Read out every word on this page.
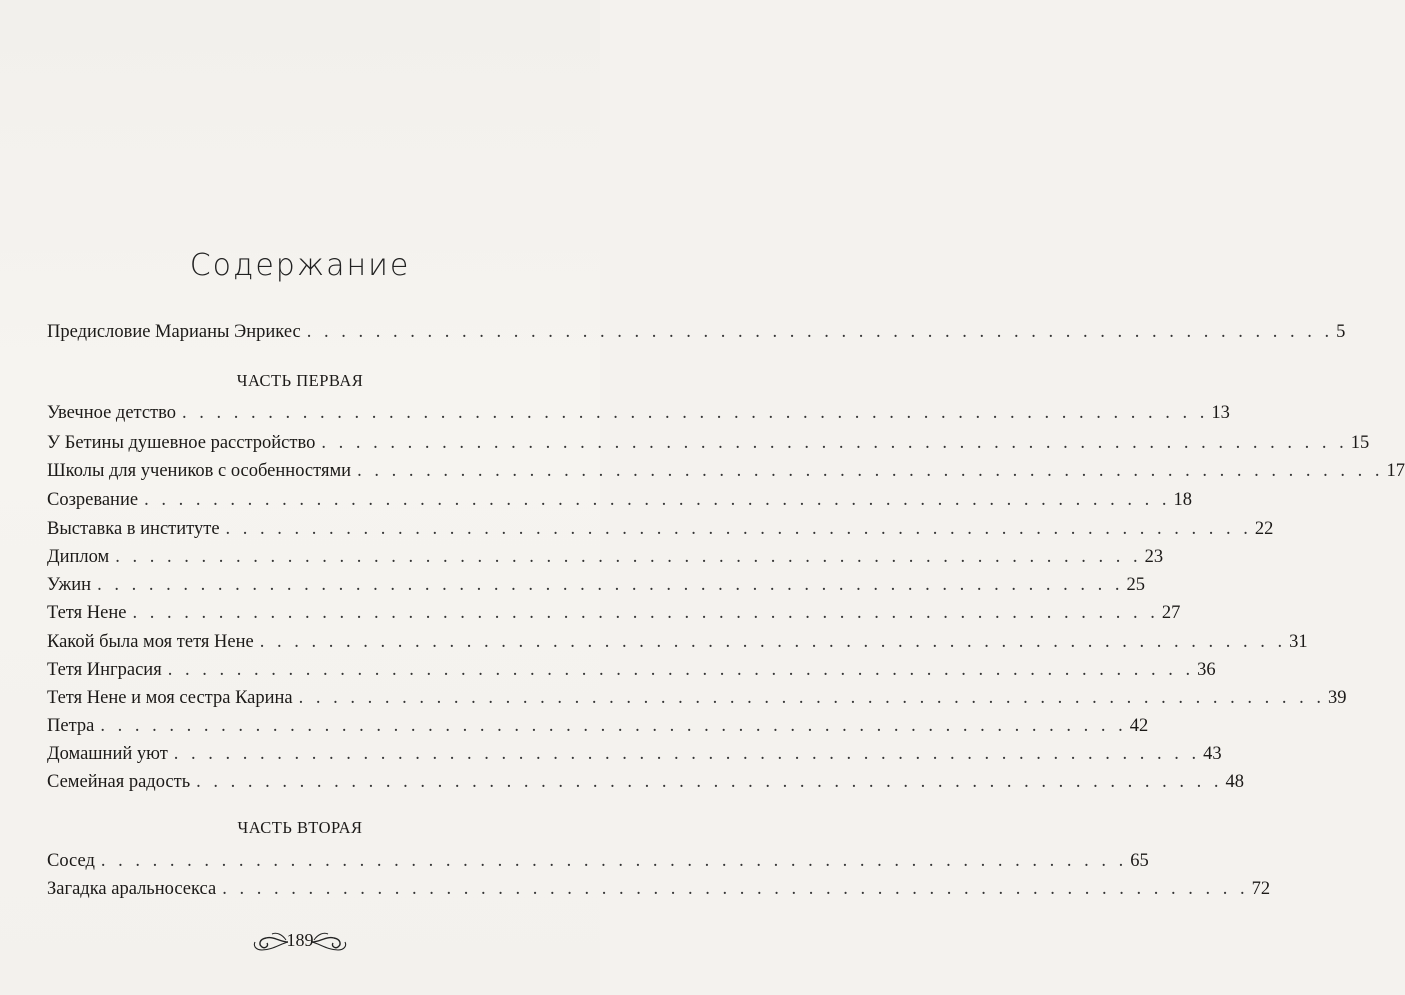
Содержание
Предисловие Марианы Энрикес . . . . . . . . . . . . . . . . . . . . . . . . . . . . . . . . . . . . . . . . . . . . . . . . . . . . . . . . . . . . 5
ЧАСТЬ ПЕРВАЯ
Увечное детство . . . . . . . . . . . . . . . . . . . . . . . . . . . . . . . . . . . . . . . . . . . . . . . . . . . . . . . . . . . . 13
У Бетины душевное расстройство . . . . . . . . . . . . . . . . . . . . . . . . . . . . . . . . . . . . . . . . . . . . . . . . . . . . . . . . . . . . 15
Школы для учеников с особенностями . . . . . . . . . . . . . . . . . . . . . . . . . . . . . . . . . . . . . . . . . . . . . . . . . . . . . . . . . . . . 17
Созревание . . . . . . . . . . . . . . . . . . . . . . . . . . . . . . . . . . . . . . . . . . . . . . . . . . . . . . . . . . . . 18
Выставка в институте . . . . . . . . . . . . . . . . . . . . . . . . . . . . . . . . . . . . . . . . . . . . . . . . . . . . . . . . . . . . 22
Диплом . . . . . . . . . . . . . . . . . . . . . . . . . . . . . . . . . . . . . . . . . . . . . . . . . . . . . . . . . . . . 23
Ужин . . . . . . . . . . . . . . . . . . . . . . . . . . . . . . . . . . . . . . . . . . . . . . . . . . . . . . . . . . . . 25
Тетя Нене . . . . . . . . . . . . . . . . . . . . . . . . . . . . . . . . . . . . . . . . . . . . . . . . . . . . . . . . . . . . 27
Какой была моя тетя Нене . . . . . . . . . . . . . . . . . . . . . . . . . . . . . . . . . . . . . . . . . . . . . . . . . . . . . . . . . . . . 31
Тетя Инграсия . . . . . . . . . . . . . . . . . . . . . . . . . . . . . . . . . . . . . . . . . . . . . . . . . . . . . . . . . . . . 36
Тетя Нене и моя сестра Карина . . . . . . . . . . . . . . . . . . . . . . . . . . . . . . . . . . . . . . . . . . . . . . . . . . . . . . . . . . . . 39
Петра . . . . . . . . . . . . . . . . . . . . . . . . . . . . . . . . . . . . . . . . . . . . . . . . . . . . . . . . . . . . 42
Домашний уют . . . . . . . . . . . . . . . . . . . . . . . . . . . . . . . . . . . . . . . . . . . . . . . . . . . . . . . . . . . . 43
Семейная радость . . . . . . . . . . . . . . . . . . . . . . . . . . . . . . . . . . . . . . . . . . . . . . . . . . . . . . . . . . . . 48
ЧАСТЬ ВТОРАЯ
Сосед . . . . . . . . . . . . . . . . . . . . . . . . . . . . . . . . . . . . . . . . . . . . . . . . . . . . . . . . . . . . 65
Загадка аральносекса . . . . . . . . . . . . . . . . . . . . . . . . . . . . . . . . . . . . . . . . . . . . . . . . . . . . . . . . . . . . 72
189
